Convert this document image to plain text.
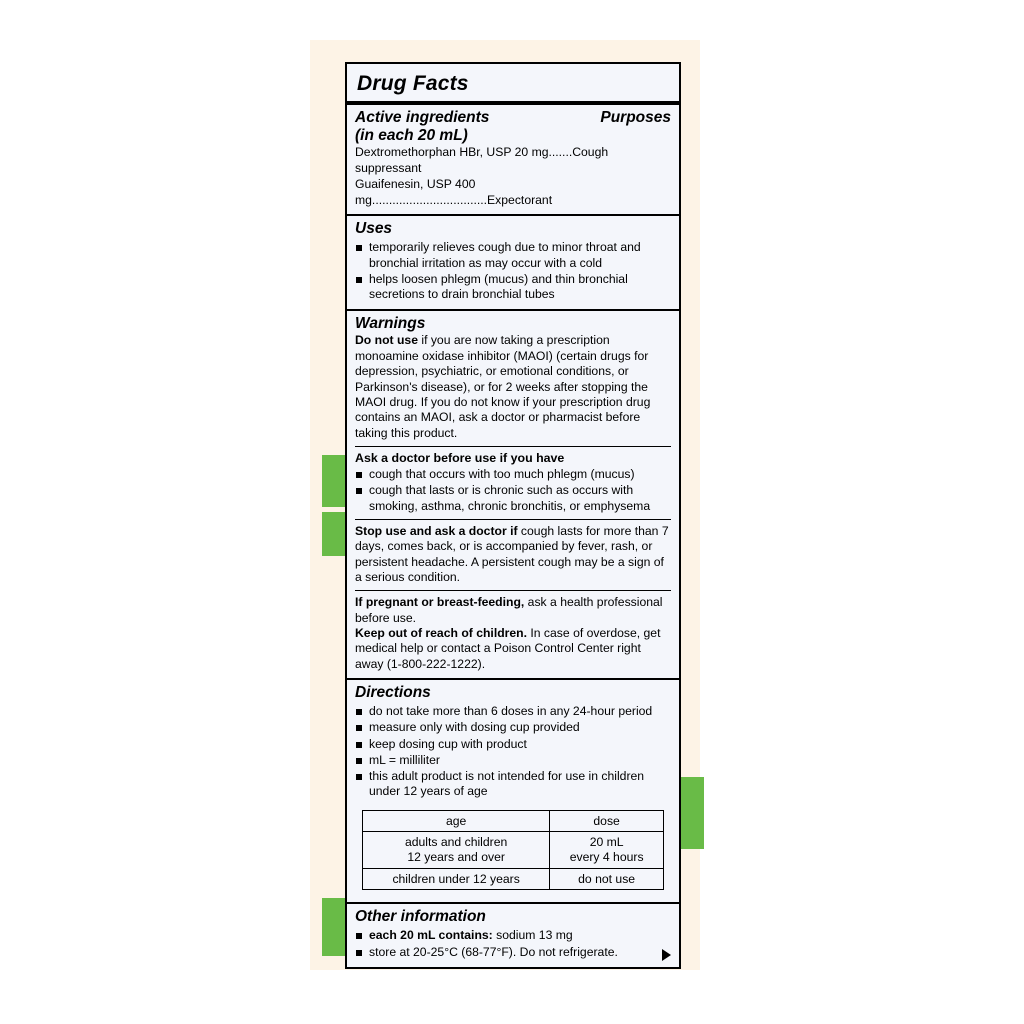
Drug Facts
Active ingredients
(in each 20 mL)
Purposes
Dextromethorphan HBr, USP 20 mg.......Cough suppressant
Guaifenesin, USP 400 mg..................................Expectorant
Uses
temporarily relieves cough due to minor throat and bronchial irritation as may occur with a cold
helps loosen phlegm (mucus) and thin bronchial secretions to drain bronchial tubes
Warnings

Do not use if you are now taking a prescription monoamine oxidase inhibitor (MAOI) (certain drugs for depression, psychiatric, or emotional conditions, or Parkinson's disease), or for 2 weeks after stopping the MAOI drug. If you do not know if your prescription drug contains an MAOI, ask a doctor or pharmacist before taking this product.

Ask a doctor before use if you have
cough that occurs with too much phlegm (mucus)
cough that lasts or is chronic such as occurs with smoking, asthma, chronic bronchitis, or emphysema

Stop use and ask a doctor if cough lasts for more than 7 days, comes back, or is accompanied by fever, rash, or persistent headache. A persistent cough may be a sign of a serious condition.

If pregnant or breast-feeding, ask a health professional before use.

Keep out of reach of children. In case of overdose, get medical help or contact a Poison Control Center right away (1-800-222-1222).

Directions
do not take more than 6 doses in any 24-hour period
measure only with dosing cup provided
keep dosing cup with product
mL = milliliter
this adult product is not intended for use in children under 12 years of age
age	dose
adults and children
12 years and over	20 mL
every 4 hours
children under 12 years	do not use
Other information
each 20 mL contains: sodium 13 mg
store at 20-25°C (68-77°F). Do not refrigerate.
